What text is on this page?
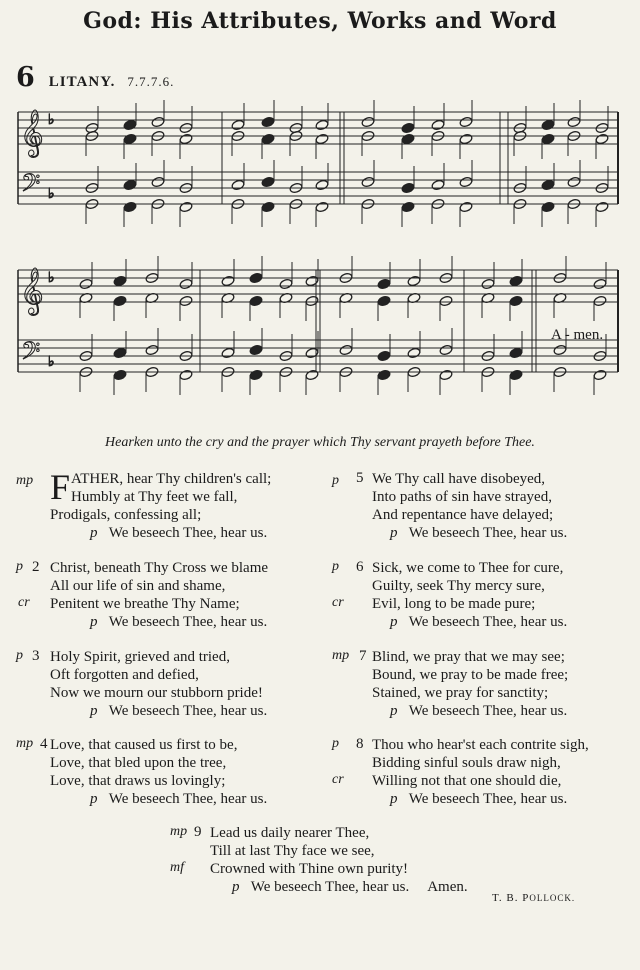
God: His Attributes, Works and Word
6 LITANY. 7.7.7.6.
𝄞
𝄢
♭
♭
𝄞
𝄢
♭
♭
A - men.
Hearken unto the cry and the prayer which Thy servant prayeth before Thee.
mp F ATHER, hear Thy children's call;
Humbly at Thy feet we fall,
Prodigals, confessing all;
p We beseech Thee, hear us.
p 2
cr
Christ, beneath Thy Cross we blame
All our life of sin and shame,
Penitent we breathe Thy Name;
p We beseech Thee, hear us.
p 3 Holy Spirit, grieved and tried,
Oft forgotten and defied,
Now we mourn our stubborn pride!
p We beseech Thee, hear us.
mp 4 Love, that caused us first to be,
Love, that bled upon the tree,
Love, that draws us lovingly;
p We beseech Thee, hear us.
p 5 We Thy call have disobeyed,
Into paths of sin have strayed,
And repentance have delayed;
p We beseech Thee, hear us.
p 6
cr
Sick, we come to Thee for cure,
Guilty, seek Thy mercy sure,
Evil, long to be made pure;
p We beseech Thee, hear us.
mp 7 Blind, we pray that we may see;
Bound, we pray to be made free;
Stained, we pray for sanctity;
p We beseech Thee, hear us.
p 8
cr
Thou who hear'st each contrite sigh,
Bidding sinful souls draw nigh,
Willing not that one should die,
p We beseech Thee, hear us.
mp 9
mf
Lead us daily nearer Thee,
Till at last Thy face we see,
Crowned with Thine own purity!
p We beseech Thee, hear us. Amen.
T. B. POLLOCK.
